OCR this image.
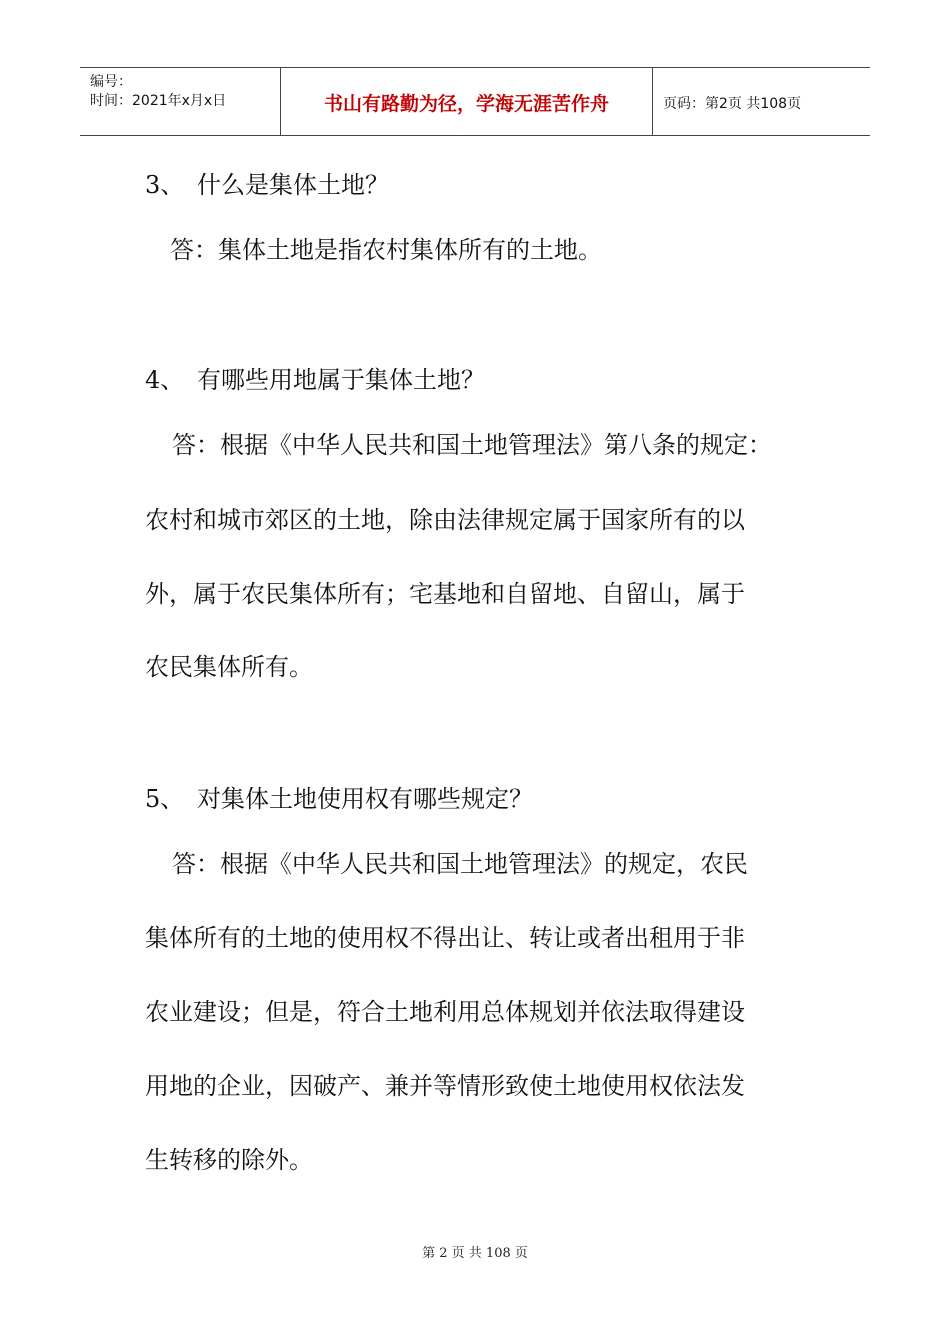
编号：
时间：2021年x月x日	书山有路勤为径，学海无涯苦作舟	页码：第2页 共108页
3、 什么是集体土地？
答：集体土地是指农村集体所有的土地。
4、 有哪些用地属于集体土地？
答：根据《中华人民共和国土地管理法》第八条的规定：
农村和城市郊区的土地，除由法律规定属于国家所有的以
外，属于农民集体所有；宅基地和自留地、自留山，属于
农民集体所有。
5、 对集体土地使用权有哪些规定？
答：根据《中华人民共和国土地管理法》的规定，农民
集体所有的土地的使用权不得出让、转让或者出租用于非
农业建设；但是，符合土地利用总体规划并依法取得建设
用地的企业，因破产、兼并等情形致使土地使用权依法发
生转移的除外。
第 2 页 共 108 页
